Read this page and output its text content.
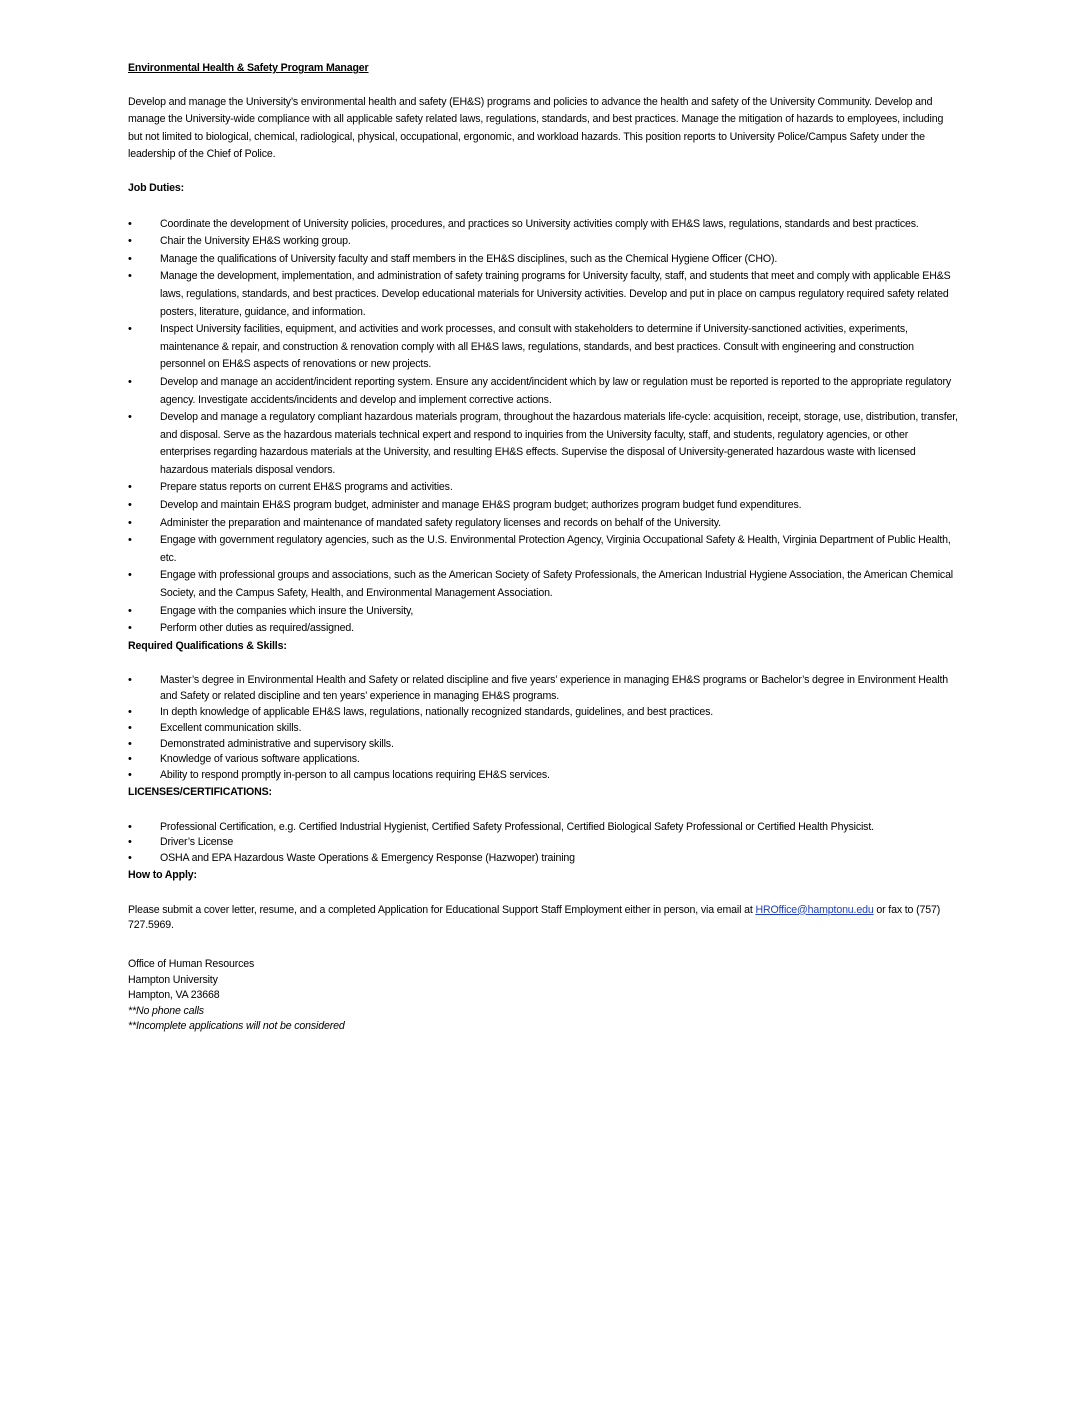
Environmental Health & Safety Program Manager
Develop and manage the University’s environmental health and safety (EH&S) programs and policies to advance the health and safety of the University Community. Develop and manage the University-wide compliance with all applicable safety related laws, regulations, standards, and best practices. Manage the mitigation of hazards to employees, including but not limited to biological, chemical, radiological, physical, occupational, ergonomic, and workload hazards. This position reports to University Police/Campus Safety under the leadership of the Chief of Police.
Job Duties:
•	Coordinate the development of University policies, procedures, and practices so University activities comply with EH&S laws, regulations, standards and best practices.
•	Chair the University EH&S working group.
•	Manage the qualifications of University faculty and staff members in the EH&S disciplines, such as the Chemical Hygiene Officer (CHO).
•	Manage the development, implementation, and administration of safety training programs for University faculty, staff, and students that meet and comply with applicable EH&S laws, regulations, standards, and best practices. Develop educational materials for University activities. Develop and put in place on campus regulatory required safety related posters, literature, guidance, and information.
•	Inspect University facilities, equipment, and activities and work processes, and consult with stakeholders to determine if University-sanctioned activities, experiments, maintenance & repair, and construction & renovation comply with all EH&S laws, regulations, standards, and best practices. Consult with engineering and construction personnel on EH&S aspects of renovations or new projects.
•	Develop and manage an accident/incident reporting system. Ensure any accident/incident which by law or regulation must be reported is reported to the appropriate regulatory agency. Investigate accidents/incidents and develop and implement corrective actions.
•	Develop and manage a regulatory compliant hazardous materials program, throughout the hazardous materials life-cycle: acquisition, receipt, storage, use, distribution, transfer, and disposal. Serve as the hazardous materials technical expert and respond to inquiries from the University faculty, staff, and students, regulatory agencies, or other enterprises regarding hazardous materials at the University, and resulting EH&S effects. Supervise the disposal of University-generated hazardous waste with licensed hazardous materials disposal vendors.
•	Prepare status reports on current EH&S programs and activities.
•	Develop and maintain EH&S program budget, administer and manage EH&S program budget; authorizes program budget fund expenditures.
•	Administer the preparation and maintenance of mandated safety regulatory licenses and records on behalf of the University.
•	Engage with government regulatory agencies, such as the U.S. Environmental Protection Agency, Virginia Occupational Safety & Health, Virginia Department of Public Health, etc.
•	Engage with professional groups and associations, such as the American Society of Safety Professionals, the American Industrial Hygiene Association, the American Chemical Society, and the Campus Safety, Health, and Environmental Management Association.
•	Engage with the companies which insure the University,
•	Perform other duties as required/assigned.
Required Qualifications & Skills:
•	Master’s degree in Environmental Health and Safety or related discipline and five years’ experience in managing EH&S programs or Bachelor’s degree in Environment Health and Safety or related discipline and ten years’ experience in managing EH&S programs.
•	In depth knowledge of applicable EH&S laws, regulations, nationally recognized standards, guidelines, and best practices.
•	Excellent communication skills.
•	Demonstrated administrative and supervisory skills.
•	Knowledge of various software applications.
•	Ability to respond promptly in-person to all campus locations requiring EH&S services.
LICENSES/CERTIFICATIONS:
•	Professional Certification, e.g. Certified Industrial Hygienist, Certified Safety Professional, Certified Biological Safety Professional or Certified Health Physicist.
•	Driver’s License
•	OSHA and EPA Hazardous Waste Operations & Emergency Response (Hazwoper) training
How to Apply:
Please submit a cover letter, resume, and a completed Application for Educational Support Staff Employment either in person, via email at HROffice@hamptonu.edu or fax to (757) 727.5969.
Office of Human Resources
Hampton University
Hampton, VA 23668
**No phone calls
**Incomplete applications will not be considered
